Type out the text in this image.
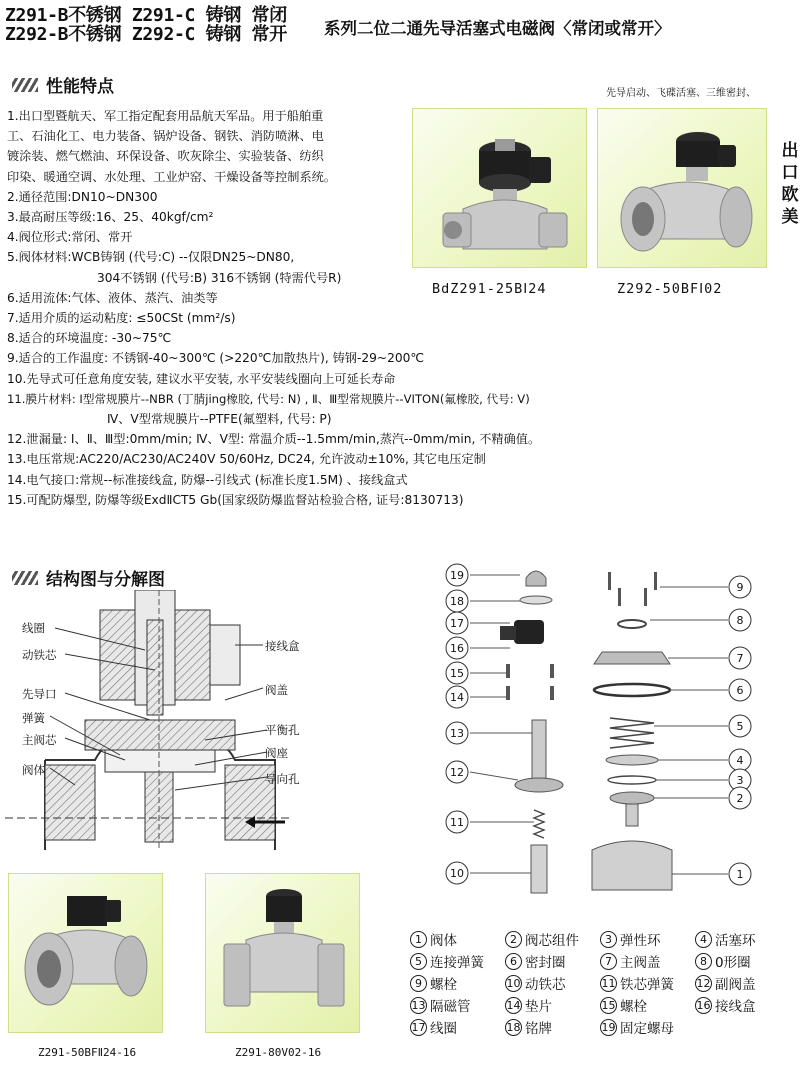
Z291-B不锈钢 Z291-C 铸钢 常闭
Z292-B不锈钢 Z292-C 铸钢 常开 系列二位二通先导活塞式电磁阀〈常闭或常开〉

先导启动、飞碟活塞、三维密封、

性能特点
1.出口型暨航天、军工指定配套用品航天军品。用于船舶重
工、石油化工、电力装备、锅炉设备、钢铁、消防喷淋、电
镀涂装、燃气燃油、环保设备、吹灰除尘、实验装备、纺织
印染、暖通空调、水处理、工业炉窑、干燥设备等控制系统。
2.通径范围:DN10~DN300
3.最高耐压等级:16、25、40kgf/cm²
4.阀位形式:常闭、常开
5.阀体材料:WCB铸钢 (代号:C) --仅限DN25~DN80,
304不锈钢 (代号:B) 316不锈钢 (特需代号R)
6.适用流体:气体、液体、蒸汽、油类等
7.适用介质的运动粘度: ≤50CSt (mm²/s)
8.适合的环境温度: -30~75℃
9.适合的工作温度: 不锈钢-40~300℃ (>220℃加散热片), 铸钢-29~200℃
10.先导式可任意角度安装, 建议水平安装, 水平安装线圈向上可延长寿命
11.膜片材料: Ⅰ型常规膜片--NBR (丁腈jing橡胶, 代号: N) , Ⅱ、Ⅲ型常规膜片--VITON(氟橡胶, 代号: V)
Ⅳ、Ⅴ型常规膜片--PTFE(氟塑料, 代号: P)
12.泄漏量: Ⅰ、Ⅱ、Ⅲ型:0mm/min; Ⅳ、Ⅴ型: 常温介质--1.5mm/min,蒸汽--0mm/min, 不精确值。
13.电压常规:AC220/AC230/AC240V 50/60Hz, DC24, 允许波动±10%, 其它电压定制
14.电气接口:常规--标准接线盒, 防爆--引线式 (标准长度1.5M) 、接线盒式
15.可配防爆型, 防爆等级ExdⅡCT5 Gb(国家级防爆监督站检验合格, 证号:8130713)
出
口
欧
美
BdZ291-25BⅠ24	Z292-50BFⅠ02
结构图与分解图
线圈
动铁芯
先导口
弹簧
主阀芯
阀体
接线盒
阀盖
平衡孔
阀座
导向孔
19
18
17
16
15
14
13
12
11
10
9
8
7
6
5
4
3
2
1
Z291-50BFⅡ24-16	Z291-80V02-16
1 阀体	2 阀芯组件	3 弹性环	4 活塞环
5 连接弹簧	6 密封圈	7 主阀盖	8 0形圈
9 螺栓	10 动铁芯	11 铁芯弹簧 12 副阀盖
13 隔磁管	14 垫片	15 螺栓	16 接线盒
17 线圈	18 铭牌	19 固定螺母
